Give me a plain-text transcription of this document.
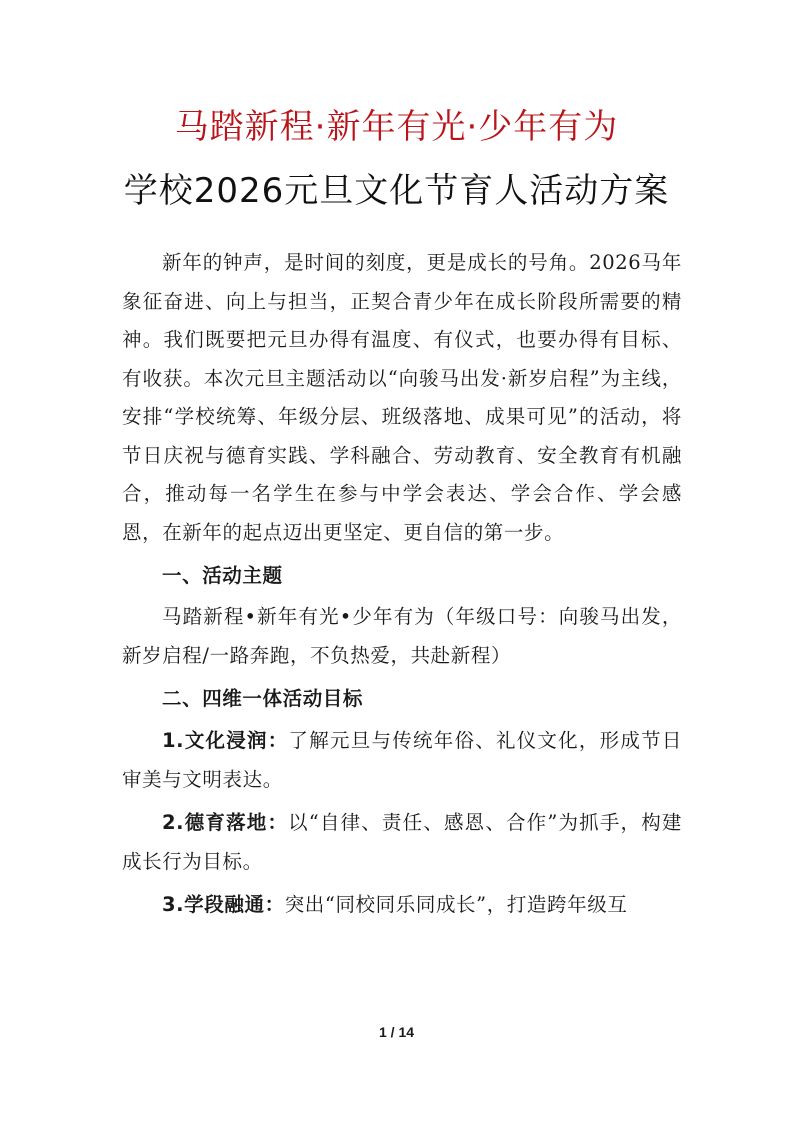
马踏新程·新年有光·少年有为
学校2026元旦文化节育人活动方案

新年的钟声，是时间的刻度，更是成长的号角。2026马年象征奋进、向上与担当，正契合青少年在成长阶段所需要的精神。我们既要把元旦办得有温度、有仪式，也要办得有目标、有收获。本次元旦主题活动以“向骏马出发·新岁启程”为主线，安排“学校统筹、年级分层、班级落地、成果可见”的活动，将节日庆祝与德育实践、学科融合、劳动教育、安全教育有机融合，推动每一名学生在参与中学会表达、学会合作、学会感恩，在新年的起点迈出更坚定、更自信的第一步。

一、活动主题

马踏新程•新年有光•少年有为（年级口号：向骏马出发，新岁启程/一路奔跑，不负热爱，共赴新程）

二、四维一体活动目标

1.文化浸润：了解元旦与传统年俗、礼仪文化，形成节日审美与文明表达。

2.德育落地：以“自律、责任、感恩、合作”为抓手，构建成长行为目标。

3.学段融通：突出“同校同乐同成长”，打造跨年级互

1 / 14
